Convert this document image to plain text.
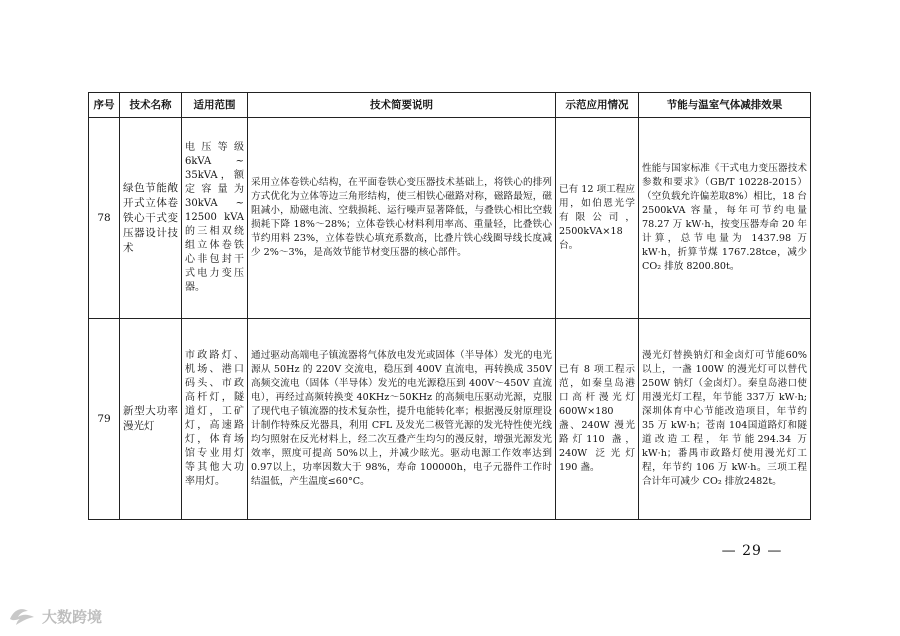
序号	技术名称	适用范围	技术简要说明	示范应用情况	节能与温室气体减排效果
78	绿色节能敞开式立体卷铁心干式变压器设计技术	电压等级6kVA ~ 35kVA，额定容量为30kVA ~ 12500 kVA的三相双绕组立体卷铁心非包封干式电力变压器。	采用立体卷铁心结构，在平面卷铁心变压器技术基础上，将铁心的排列方式优化为立体等边三角形结构，使三相铁心磁路对称，磁路最短，磁阻减小，励磁电流、空载损耗、运行噪声显著降低，与叠铁心相比空载损耗下降 18%～28%；立体卷铁心材料利用率高、重量轻，比叠铁心节约用料 23%，立体卷铁心填充系数高，比叠片铁心线圈导线长度减少 2%～3%，是高效节能节材变压器的核心部件。	已有 12 项工程应用，如伯恩光学有限公司，2500kVA×18 台。	性能与国家标准《干式电力变压器技术参数和要求》（GB/T 10228-2015）（空负载允许偏差取8%）相比，18 台 2500kVA 容量，每年可节约电量 78.27 万 kW·h，按变压器寿命 20 年计算，总节电量为 1437.98 万 kW·h，折算节煤 1767.28tce，减少 CO₂ 排放 8200.80t。
79	新型大功率漫光灯	市政路灯、机场、港口码头、市政高杆灯，隧道灯，工矿灯，高速路灯，体育场馆专业用灯等其他大功率用灯。	通过驱动高端电子镇流器将气体放电发光或固体（半导体）发光的电光源从 50Hz 的 220V 交流电，稳压到 400V 直流电，再转换成 350V 高频交流电（固体（半导体）发光的电光源稳压到 400V～450V 直流电），再经过高频转换变 40KHz～50KHz 的高频电压驱动光源，克服了现代电子镇流器的技术复杂性，提升电能转化率；根据漫反射原理设计制作特殊反光器具，利用 CFL 及发光二极管光源的发光特性使光线均匀照射在反光材料上，经二次互叠产生均匀的漫反射，增强光源发光效率，照度可提高 50%以上，并减少眩光。驱动电源工作效率达到 0.97以上，功率因数大于 98%，寿命 100000h，电子元器件工作时结温低，产生温度≤60°C。	已有 8 项工程示范，如秦皇岛港口高杆漫光灯600W×180 盏、240W 漫光路灯110 盏，240W 泛光灯 190 盏。	漫光灯替换钠灯和金卤灯可节能60%以上，一盏 100W 的漫光灯可以替代 250W 钠灯（金卤灯）。秦皇岛港口使用漫光灯工程，年节能 337万 kW·h; 深圳体育中心节能改造项目，年节约 35 万 kW·h；苍南 104国道路灯和隧道改造工程，年节能294.34 万 kW·h；番禺市政路灯使用漫光灯工程，年节约 106 万 kW·h。三项工程合计年可减少 CO₂ 排放2482t。
— 29 —
大数跨境
